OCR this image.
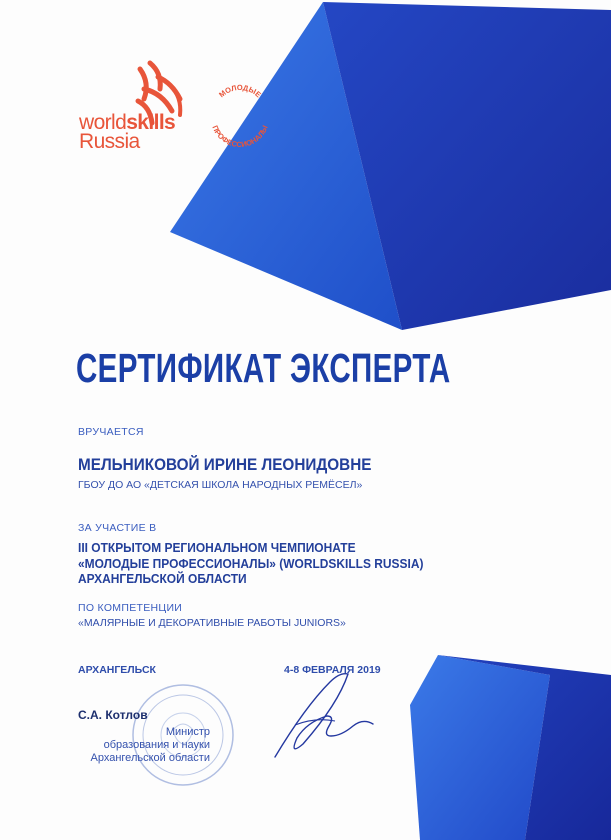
worldskills
Russia
МОЛОДЫЕ
ПРОФЕССИОНАЛЫ
СЕРТИФИКАТ ЭКСПЕРТА
ВРУЧАЕТСЯ
МЕЛЬНИКОВОЙ ИРИНЕ ЛЕОНИДОВНЕ
ГБОУ ДО АО «ДЕТСКАЯ ШКОЛА НАРОДНЫХ РЕМЁСЕЛ»
ЗА УЧАСТИЕ В
III ОТКРЫТОМ РЕГИОНАЛЬНОМ ЧЕМПИОНАТЕ
«МОЛОДЫЕ ПРОФЕССИОНАЛЫ» (WORLDSKILLS RUSSIA)
АРХАНГЕЛЬСКОЙ ОБЛАСТИ
ПО КОМПЕТЕНЦИИ
«МАЛЯРНЫЕ И ДЕКОРАТИВНЫЕ РАБОТЫ JUNIORS»
АРХАНГЕЛЬСК	4-8 ФЕВРАЛЯ 2019
С.А. Котлов
Министр
образования и науки
Архангельской области
